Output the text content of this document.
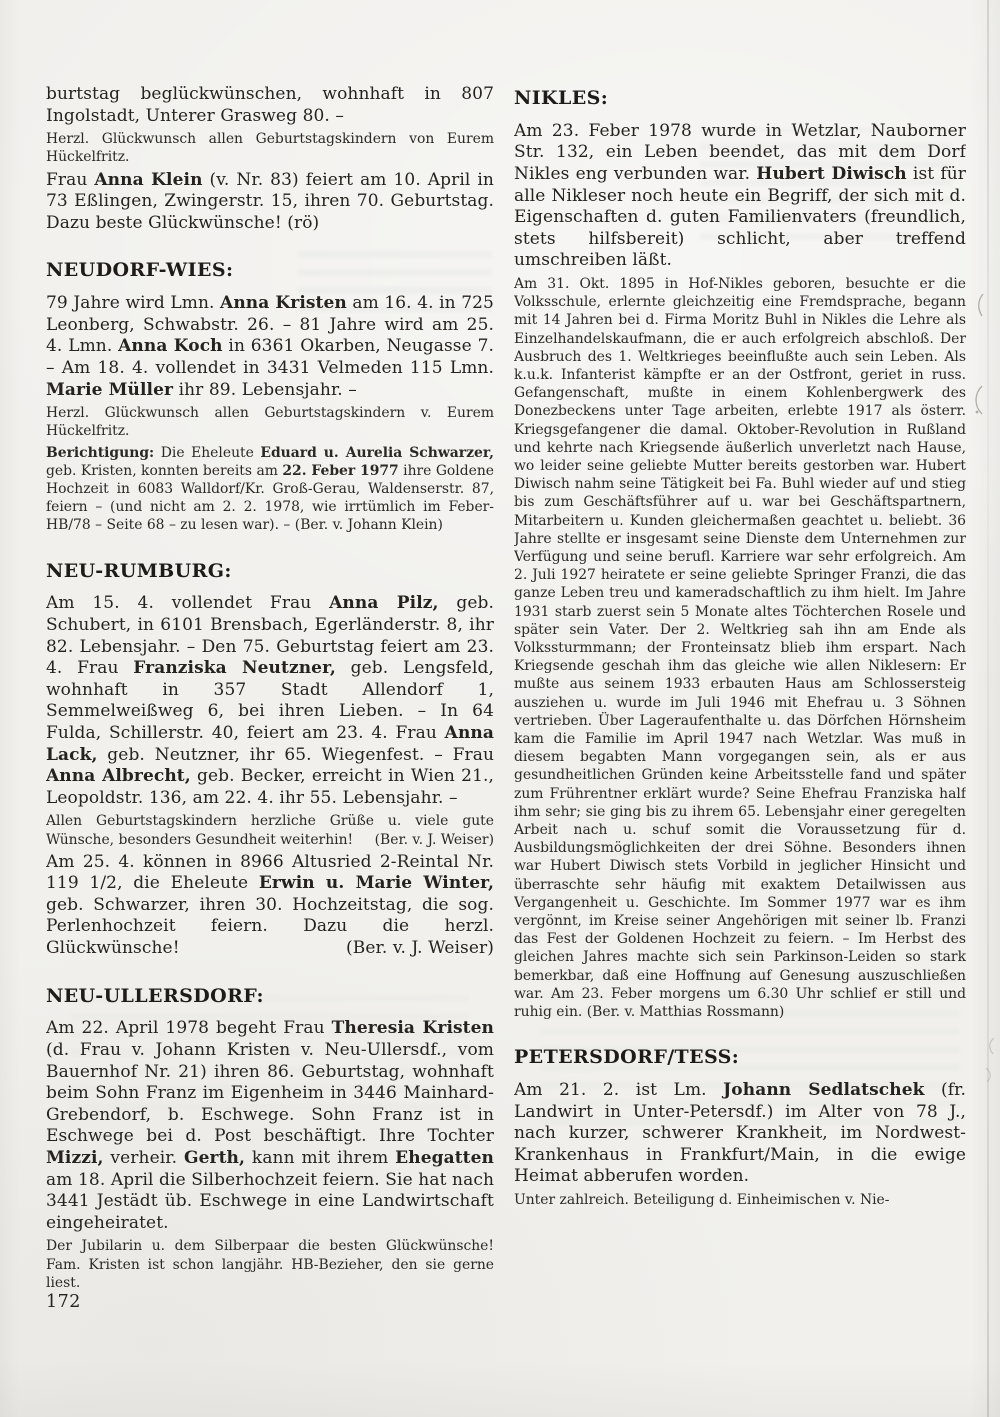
burtstag beglückwünschen, wohnhaft in 807 Ingolstadt, Unterer Grasweg 80. –

Herzl. Glückwunsch allen Geburtstagskindern von Eurem Hückelfritz.

Frau Anna Klein (v. Nr. 83) feiert am 10. April in 73 Eßlingen, Zwingerstr. 15, ihren 70. Geburtstag. Dazu beste Glückwünsche! (rö)

NEUDORF-WIES:

79 Jahre wird Lmn. Anna Kristen am 16. 4. in 725 Leonberg, Schwabstr. 26. – 81 Jahre wird am 25. 4. Lmn. Anna Koch in 6361 Okarben, Neugasse 7. – Am 18. 4. vollendet in 3431 Velmeden 115 Lmn. Marie Müller ihr 89. Lebensjahr. –

Herzl. Glückwunsch allen Geburtstagskindern v. Eurem Hückelfritz.

Berichtigung: Die Eheleute Eduard u. Aurelia Schwarzer, geb. Kristen, konnten bereits am 22. Feber 1977 ihre Goldene Hochzeit in 6083 Walldorf/Kr. Groß-Gerau, Waldenserstr. 87, feiern – (und nicht am 2. 2. 1978, wie irrtümlich im Feber-HB/78 – Seite 68 – zu lesen war). – (Ber. v. Johann Klein)

NEU-RUMBURG:

Am 15. 4. vollendet Frau Anna Pilz, geb. Schubert, in 6101 Brensbach, Egerländerstr. 8, ihr 82. Lebensjahr. – Den 75. Geburtstag feiert am 23. 4. Frau Franziska Neutzner, geb. Lengsfeld, wohnhaft in 357 Stadt Allendorf 1, Semmelweißweg 6, bei ihren Lieben. – In 64 Fulda, Schillerstr. 40, feiert am 23. 4. Frau Anna Lack, geb. Neutzner, ihr 65. Wiegenfest. – Frau Anna Albrecht, geb. Becker, erreicht in Wien 21., Leopoldstr. 136, am 22. 4. ihr 55. Lebensjahr. –

Allen Geburtstagskindern herzliche Grüße u. viele gute Wünsche, besonders Gesundheit weiterhin! (Ber. v. J. Weiser)

Am 25. 4. können in 8966 Altusried 2-Reintal Nr. 119 1/2, die Eheleute Erwin u. Marie Winter, geb. Schwarzer, ihren 30. Hochzeitstag, die sog. Perlenhochzeit feiern. Dazu die herzl. Glückwünsche!	(Ber. v. J. Weiser)

NEU-ULLERSDORF:

Am 22. April 1978 begeht Frau Theresia Kristen (d. Frau v. Johann Kristen v. Neu-Ullersdf., vom Bauernhof Nr. 21) ihren 86. Geburtstag, wohnhaft beim Sohn Franz im Eigenheim in 3446 Mainhard-Grebendorf, b. Eschwege. Sohn Franz ist in Eschwege bei d. Post beschäftigt. Ihre Tochter Mizzi, verheir. Gerth, kann mit ihrem Ehegatten am 18. April die Silberhochzeit feiern. Sie hat nach 3441 Jestädt üb. Eschwege in eine Landwirtschaft eingeheiratet.

Der Jubilarin u. dem Silberpaar die besten Glückwünsche! Fam. Kristen ist schon langjähr. HB-Bezieher, den sie gerne liest.

NIKLES:

Am 23. Feber 1978 wurde in Wetzlar, Nauborner Str. 132, ein Leben beendet, das mit dem Dorf Nikles eng verbunden war. Hubert Diwisch ist für alle Nikleser noch heute ein Begriff, der sich mit d. Eigenschaften d. guten Familienvaters (freundlich, stets hilfsbereit) schlicht, aber treffend umschreiben läßt.

Am 31. Okt. 1895 in Hof-Nikles geboren, besuchte er die Volksschule, erlernte gleichzeitig eine Fremdsprache, begann mit 14 Jahren bei d. Firma Moritz Buhl in Nikles die Lehre als Einzelhandelskaufmann, die er auch erfolgreich abschloß. Der Ausbruch des 1. Weltkrieges beeinflußte auch sein Leben. Als k.u.k. Infanterist kämpfte er an der Ostfront, geriet in russ. Gefangenschaft, mußte in einem Kohlenbergwerk des Donezbeckens unter Tage arbeiten, erlebte 1917 als österr. Kriegsgefangener die damal. Oktober-Revolution in Rußland und kehrte nach Kriegsende äußerlich unverletzt nach Hause, wo leider seine geliebte Mutter bereits gestorben war. Hubert Diwisch nahm seine Tätigkeit bei Fa. Buhl wieder auf und stieg bis zum Geschäftsführer auf u. war bei Geschäftspartnern, Mitarbeitern u. Kunden gleichermaßen geachtet u. beliebt. 36 Jahre stellte er insgesamt seine Dienste dem Unternehmen zur Verfügung und seine berufl. Karriere war sehr erfolgreich. Am 2. Juli 1927 heiratete er seine geliebte Springer Franzi, die das ganze Leben treu und kameradschaftlich zu ihm hielt. Im Jahre 1931 starb zuerst sein 5 Monate altes Töchterchen Rosele und später sein Vater. Der 2. Weltkrieg sah ihn am Ende als Volkssturmmann; der Fronteinsatz blieb ihm erspart. Nach Kriegsende geschah ihm das gleiche wie allen Niklesern: Er mußte aus seinem 1933 erbauten Haus am Schlossersteig ausziehen u. wurde im Juli 1946 mit Ehefrau u. 3 Söhnen vertrieben. Über Lageraufenthalte u. das Dörfchen Hörnsheim kam die Familie im April 1947 nach Wetzlar. Was muß in diesem begabten Mann vorgegangen sein, als er aus gesundheitlichen Gründen keine Arbeitsstelle fand und später zum Frührentner erklärt wurde? Seine Ehefrau Franziska half ihm sehr; sie ging bis zu ihrem 65. Lebensjahr einer geregelten Arbeit nach u. schuf somit die Voraussetzung für d. Ausbildungsmöglichkeiten der drei Söhne. Besonders ihnen war Hubert Diwisch stets Vorbild in jeglicher Hinsicht und überraschte sehr häufig mit exaktem Detailwissen aus Vergangenheit u. Geschichte. Im Sommer 1977 war es ihm vergönnt, im Kreise seiner Angehörigen mit seiner lb. Franzi das Fest der Goldenen Hochzeit zu feiern. – Im Herbst des gleichen Jahres machte sich sein Parkinson-Leiden so stark bemerkbar, daß eine Hoffnung auf Genesung auszuschließen war. Am 23. Feber morgens um 6.30 Uhr schlief er still und ruhig ein. (Ber. v. Matthias Rossmann)

PETERSDORF/TESS:

Am 21. 2. ist Lm. Johann Sedlatschek (fr. Landwirt in Unter-Petersdf.) im Alter von 78 J., nach kurzer, schwerer Krankheit, im Nordwest-Krankenhaus in Frankfurt/Main, in die ewige Heimat abberufen worden.

Unter zahlreich. Beteiligung d. Einheimischen v. Nie-

172
